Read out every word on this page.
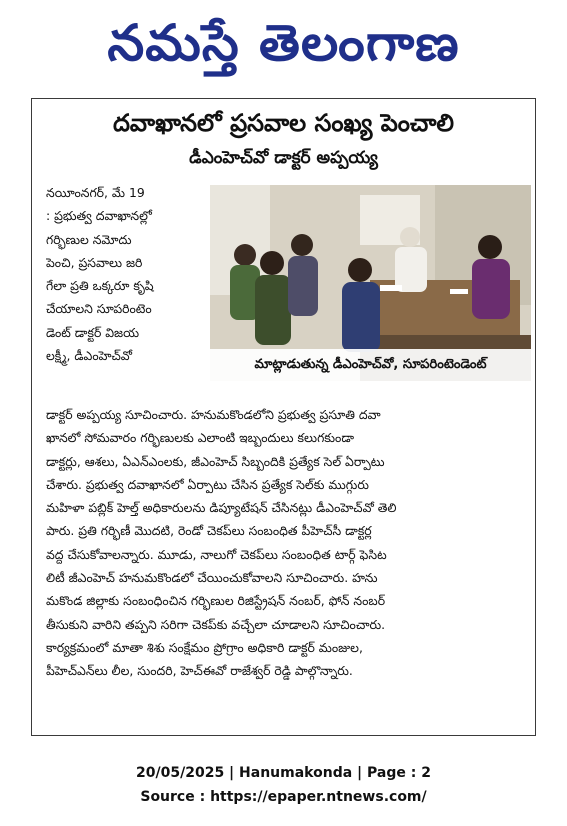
నమస్తే తెలంగాణ
దవాఖానలో ప్రసవాల సంఖ్య పెంచాలి
డీఎంహెచ్‌వో డాక్టర్ అప్పయ్య
నయీంనగర్, మే 19
: ప్రభుత్వ దవాఖానల్లో
గర్భిణుల నమోదు
పెంచి, ప్రసవాలు జరి
గేలా ప్రతి ఒక్కరూ కృషి
చేయాలని సూపరింటెం
డెంట్ డాక్టర్ విజయ
లక్ష్మీ, డీఎంహెచ్‌వో
మాట్లాడుతున్న డీఎంహెచ్‌వో, సూపరింటెండెంట్
డాక్టర్ అప్పయ్య సూచించారు. హనుమకొండలోని ప్రభుత్వ ప్రసూతి దవా
ఖానలో సోమవారం గర్భిణులకు ఎలాంటి ఇబ్బందులు కలుగకుండా
డాక్టర్లు, ఆశలు, ఏఎన్ఎంలకు, జీఎంహెచ్ సిబ్బందికి ప్రత్యేక సెల్ ఏర్పాటు
చేశారు. ప్రభుత్వ దవాఖానలో ఏర్పాటు చేసిన ప్రత్యేక సెల్‌కు ముగ్గురు
మహిళా పబ్లిక్ హెల్త్ అధికారులను డిప్యూటేషన్ చేసినట్లు డీఎంహెచ్‌వో తెలి
పారు. ప్రతి గర్భిణీ మొదటి, రెండో చెకప్‌లు సంబంధిత పీహెచ్‌సీ డాక్టర్ల
వద్ద చేసుకోవాలన్నారు. మూడు, నాలుగో చెకప్‌లు సంబంధిత టార్గ్ ఫెసిట
లిటీ జీఎంహెచ్ హనుమకొండలో చేయించుకోవాలని సూచించారు. హను
మకొండ జిల్లాకు సంబంధించిన గర్భిణుల రిజిస్ట్రేషన్ నంబర్, ఫోన్ నంబర్
తీసుకుని వారిని తప్పని సరిగా చెకప్‌కు వచ్చేలా చూడాలని సూచించారు.
కార్యక్రమంలో మాతా శిశు సంక్షేమం ప్రోగ్రాం అధికారి డాక్టర్ మంజుల,
పీహెచ్ఎన్‌లు లీల, సుందరి, హెచ్ఈవో రాజేశ్వర్ రెడ్డి పాల్గొన్నారు.
20/05/2025 | Hanumakonda | Page : 2
Source : https://epaper.ntnews.com/
